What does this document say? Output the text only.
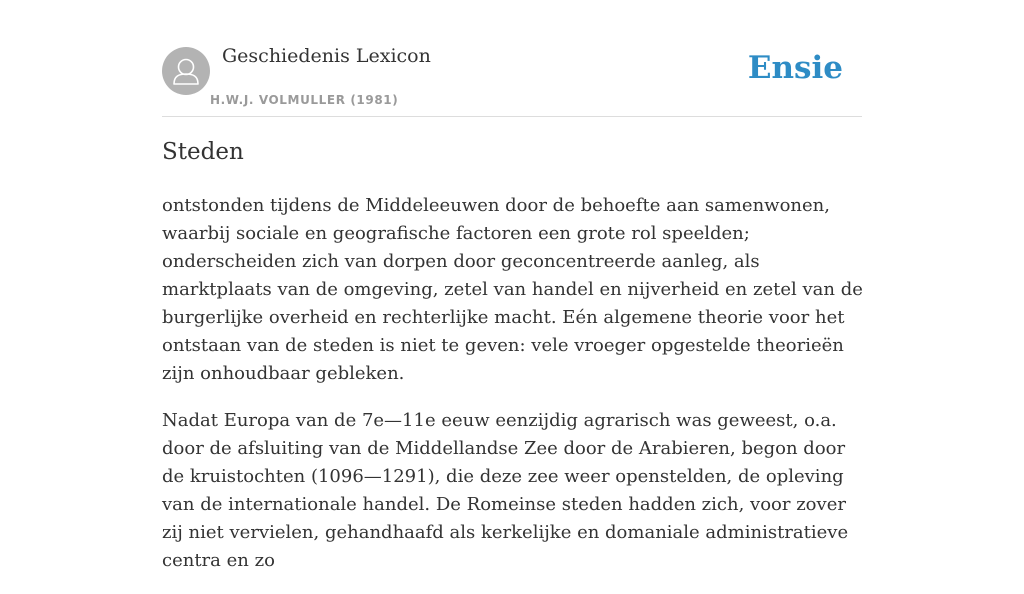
Geschiedenis Lexicon
H.W.J. VOLMULLER (1981)
Ensie
Steden

ontstonden tijdens de Middeleeuwen door de behoefte aan samenwonen, waarbij sociale en geografische factoren een grote rol speelden; onderscheiden zich van dorpen door geconcentreerde aanleg, als marktplaats van de omgeving, zetel van handel en nijverheid en zetel van de burgerlijke overheid en rechterlijke macht. Eén algemene theorie voor het ontstaan van de steden is niet te geven: vele vroeger opgestelde theorieën zijn onhoudbaar gebleken.

Nadat Europa van de 7e—11e eeuw eenzijdig agrarisch was geweest, o.a. door de afsluiting van de Middellandse Zee door de Arabieren, begon door de kruistochten (1096—1291), die deze zee weer openstelden, de opleving van de internationale handel. De Romeinse steden hadden zich, voor zover zij niet vervielen, gehandhaafd als kerkelijke en domaniale administratieve centra en zo
